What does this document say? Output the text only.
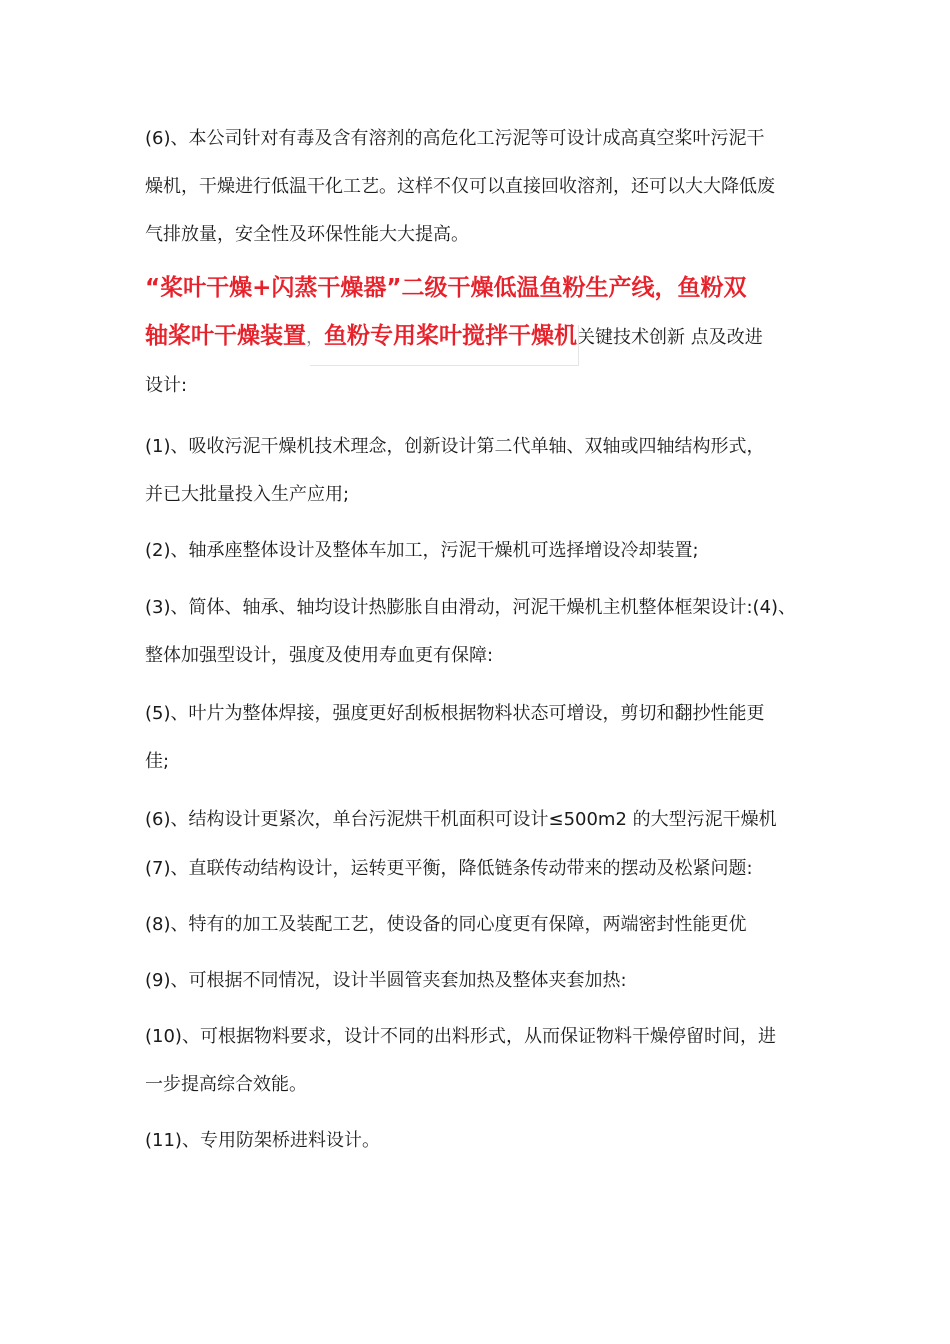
(6)、本公司针对有毒及含有溶剂的高危化工污泥等可设计成高真空桨叶污泥干
燥机，干燥进行低温干化工艺。这样不仅可以直接回收溶剂，还可以大大降低废
气排放量，安全性及环保性能大大提高。
“桨叶干燥+闪蒸干燥器”二级干燥低温鱼粉生产线，鱼粉双
轴桨叶干燥装置，鱼粉专用桨叶搅拌干燥机关键技术创新 点及改进
设计:
(1)、吸收污泥干燥机技术理念，创新设计第二代单轴、双轴或四轴结构形式，
并已大批量投入生产应用;
(2)、轴承座整体设计及整体车加工，污泥干燥机可选择增设冷却装置;
(3)、简体、轴承、轴均设计热膨胀自由滑动，河泥干燥机主机整体框架设计:(4)、
整体加强型设计，强度及使用寿血更有保障:
(5)、叶片为整体焊接，强度更好刮板根据物料状态可增设，剪切和翻抄性能更
佳;
(6)、结构设计更紧次，单台污泥烘干机面积可设计≤500m2 的大型污泥干燥机
(7)、直联传动结构设计，运转更平衡，降低链条传动带来的摆动及松紧问题:
(8)、特有的加工及装配工艺，使设备的同心度更有保障，两端密封性能更优
(9)、可根据不同情况，设计半圆管夹套加热及整体夹套加热:
(10)、可根据物料要求，设计不同的出料形式，从而保证物料干燥停留时间，进
一步提高综合效能。
(11)、专用防架桥进料设计。
